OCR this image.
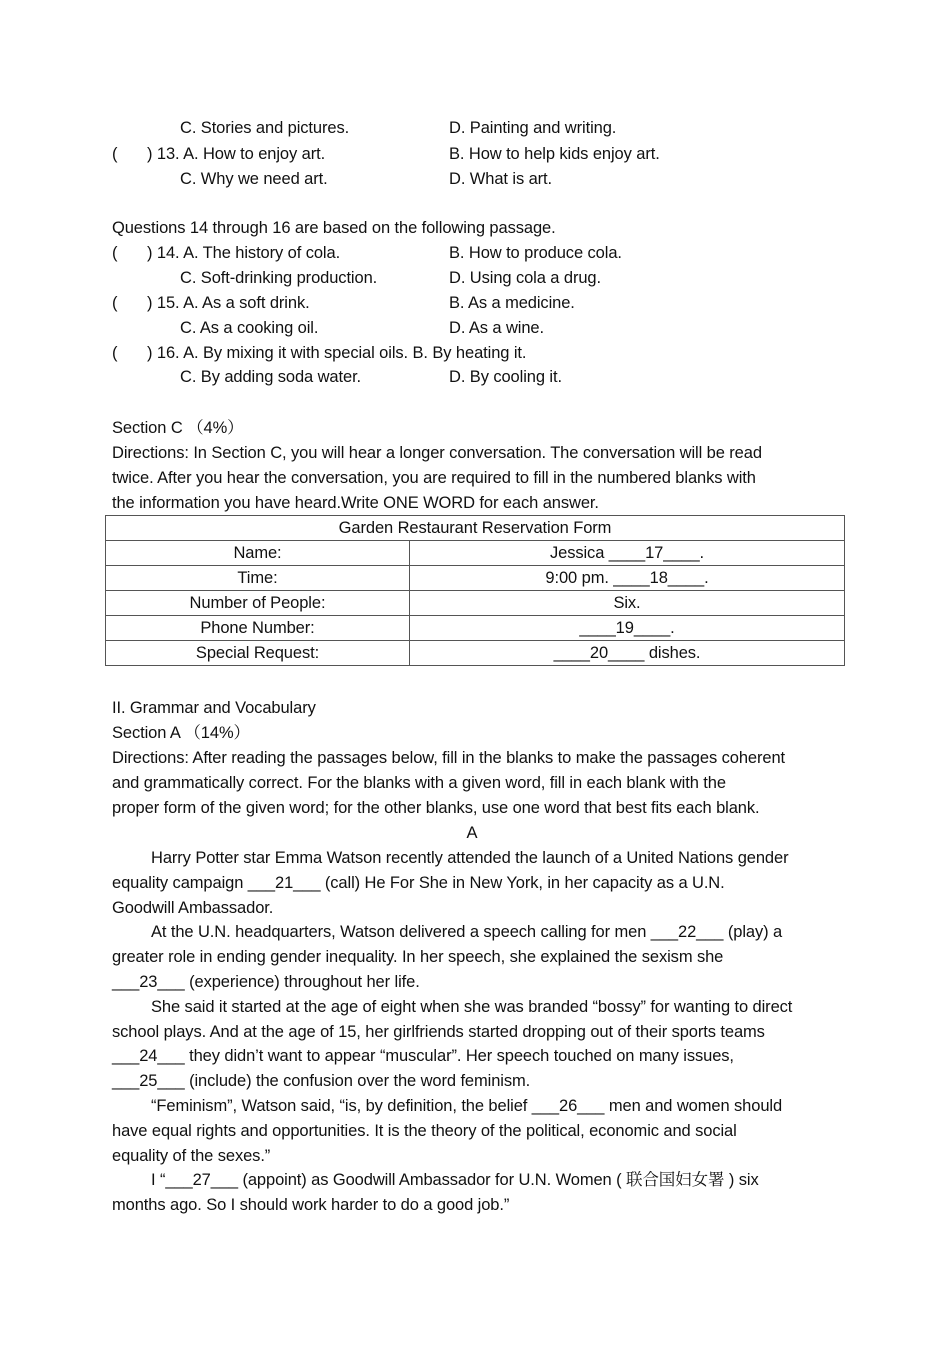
C. Stories and pictures.	D. Painting and writing.
( ) 13. A. How to enjoy art.	B. How to help kids enjoy art.
C. Why we need art.	D. What is art.
Questions 14 through 16 are based on the following passage.
( ) 14. A. The history of cola.	B. How to produce cola.
C. Soft-drinking production.	D. Using cola a drug.
( ) 15. A. As a soft drink.	B. As a medicine.
C. As a cooking oil.	D. As a wine.
( ) 16. A. By mixing it with special oils. B. By heating it.
C. By adding soda water.	D. By cooling it.
Section C （4%）
Directions: In Section C, you will hear a longer conversation. The conversation will be read
twice. After you hear the conversation, you are required to fill in the numbered blanks with
the information you have heard.Write ONE WORD for each answer.
Garden Restaurant Reservation Form	
Name:	Jessica ____17____.
Time:	9:00 pm. ____18____.
Number of People:	Six.
Phone Number:	____19____.
Special Request:	____20____ dishes.
II. Grammar and Vocabulary
Section A （14%）
Directions: After reading the passages below, fill in the blanks to make the passages coherent
and grammatically correct. For the blanks with a given word, fill in each blank with the
proper form of the given word; for the other blanks, use one word that best fits each blank.
A
Harry Potter star Emma Watson recently attended the launch of a United Nations gender
equality campaign ___21___ (call) He For She in New York, in her capacity as a U.N.
Goodwill Ambassador.
At the U.N. headquarters, Watson delivered a speech calling for men ___22___ (play) a
greater role in ending gender inequality. In her speech, she explained the sexism she
___23___ (experience) throughout her life.
She said it started at the age of eight when she was branded “bossy” for wanting to direct
school plays. And at the age of 15, her girlfriends started dropping out of their sports teams
___24___ they didn’t want to appear “muscular”. Her speech touched on many issues,
___25___ (include) the confusion over the word feminism.
“Feminism”, Watson said, “is, by definition, the belief ___26___ men and women should
have equal rights and opportunities. It is the theory of the political, economic and social
equality of the sexes.”
I “___27___ (appoint) as Goodwill Ambassador for U.N. Women ( 联合国妇女署 ) six
months ago. So I should work harder to do a good job.”
